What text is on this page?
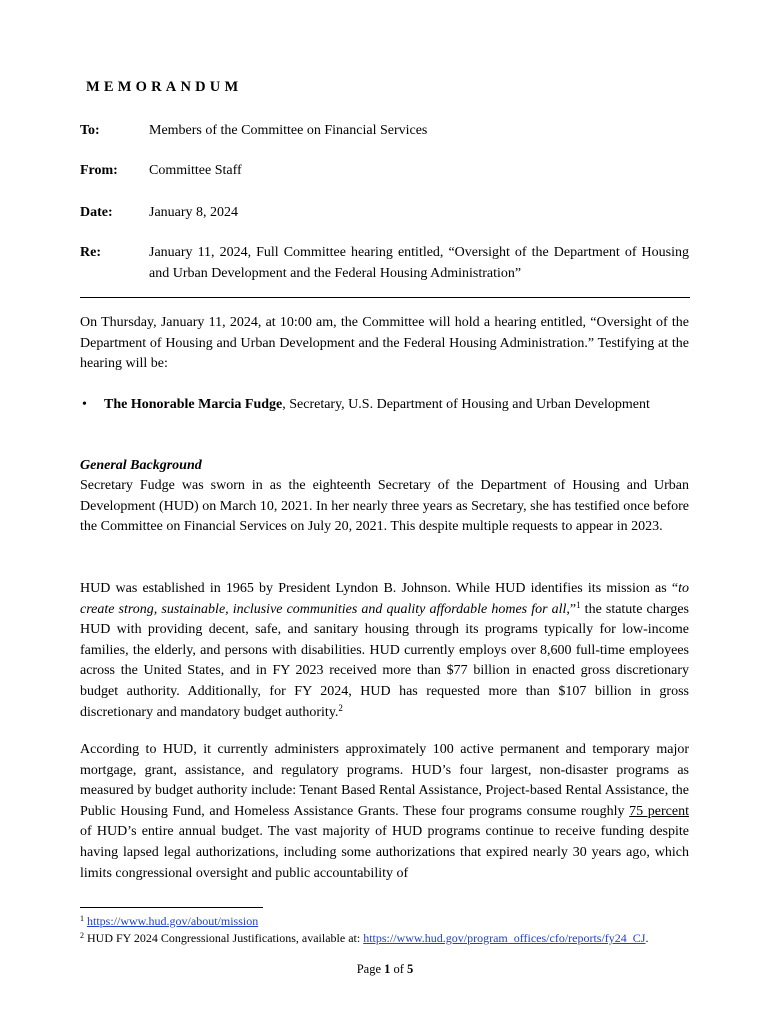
MEMORANDUM
To:	Members of the Committee on Financial Services
From: Committee Staff
Date:	January 8, 2024
Re:	January 11, 2024, Full Committee hearing entitled, “Oversight of the Department of Housing and Urban Development and the Federal Housing Administration”
On Thursday, January 11, 2024, at 10:00 am, the Committee will hold a hearing entitled, “Oversight of the Department of Housing and Urban Development and the Federal Housing Administration.” Testifying at the hearing will be:
• The Honorable Marcia Fudge, Secretary, U.S. Department of Housing and Urban Development
General Background
Secretary Fudge was sworn in as the eighteenth Secretary of the Department of Housing and Urban Development (HUD) on March 10, 2021. In her nearly three years as Secretary, she has testified once before the Committee on Financial Services on July 20, 2021. This despite multiple requests to appear in 2023.
HUD was established in 1965 by President Lyndon B. Johnson. While HUD identifies its mission as “to create strong, sustainable, inclusive communities and quality affordable homes for all,”$^1$ the statute charges HUD with providing decent, safe, and sanitary housing through its programs typically for low-income families, the elderly, and persons with disabilities. HUD currently employs over 8,600 full-time employees across the United States, and in FY 2023 received more than $77 billion in enacted gross discretionary budget authority. Additionally, for FY 2024, HUD has requested more than $107 billion in gross discretionary and mandatory budget authority.$^2$
According to HUD, it currently administers approximately 100 active permanent and temporary major mortgage, grant, assistance, and regulatory programs. HUD’s four largest, non-disaster programs as measured by budget authority include: Tenant Based Rental Assistance, Project-based Rental Assistance, the Public Housing Fund, and Homeless Assistance Grants. These four programs consume roughly 75 percent of HUD’s entire annual budget. The vast majority of HUD programs continue to receive funding despite having lapsed legal authorizations, including some authorizations that expired nearly 30 years ago, which limits congressional oversight and public accountability of
$^1$ https://www.hud.gov/about/mission
$^2$ HUD FY 2024 Congressional Justifications, available at: https://www.hud.gov/program_offices/cfo/reports/fy24_CJ.
Page 1 of 5
